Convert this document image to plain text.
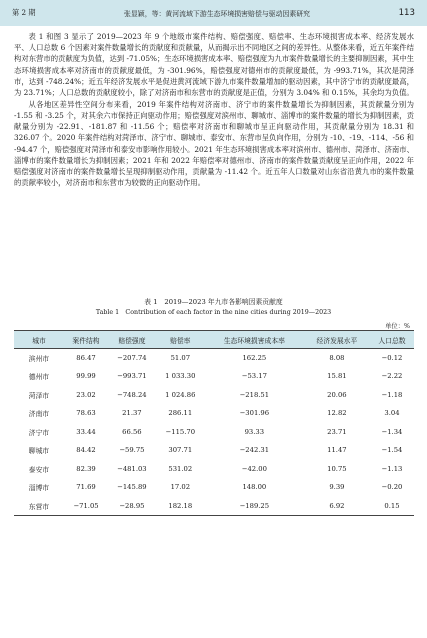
第 2 期	张显颖，等：黄河流域下游生态环境损害赔偿与驱动因素研究	113

表 1 和图 3 显示了 2019—2023 年 9 个地级市案件结构、赔偿强度、赔偿率、生态环境损害成本率、经济发展水平、人口总数 6 个因素对案件数量增长的贡献度和贡献量，从而揭示出不同地区之间的差异性。从整体来看，近五年案件结构对东营市的贡献度为负值，达到 -71.05%；生态环境损害成本率、赔偿强度为九市案件数量增长的主要抑制因素，其中生态环境损害成本率对济南市的贡献度最低，为 -301.96%，赔偿强度对德州市的贡献度最低，为 -993.71%，其次是菏泽市，达到 -748.24%；近五年经济发展水平是促进黄河流域下游九市案件数量增加的驱动因素，其中济宁市的贡献度最高，为 23.71%；人口总数的贡献度较小，除了对济南市和东营市的贡献度是正值，分别为 3.04% 和 0.15%，其余均为负值。

从各地区差异性空间分布来看，2019 年案件结构对济南市、济宁市的案件数量增长为抑制因素，其贡献量分别为 -1.55 和 -3.25 个，对其余六市保持正向驱动作用；赔偿强度对滨州市、聊城市、淄博市的案件数量的增长为抑制因素，贡献量分别为 -22.91、-181.87 和 -11.56 个；赔偿率对济南市和聊城市呈正向驱动作用，其贡献量分别为 18.31 和 326.07 个。2020 年案件结构对菏泽市、济宁市、聊城市、泰安市、东营市呈负向作用，分别为 -10、-19、-114、-56 和 -94.47 个，赔偿强度对菏泽市和泰安市影响作用较小。2021 年生态环境损害成本率对滨州市、德州市、菏泽市、济南市、淄博市的案件数量增长为抑制因素；2021 年和 2022 年赔偿率对德州市、济南市的案件数量贡献度呈正向作用，2022 年赔偿强度对济南市的案件数量增长呈现抑制驱动作用，贡献量为 -11.42 个。近五年人口数量对山东省沿黄九市的案件数量的贡献率较小，对济南市和东营市为较微的正向驱动作用。

表 1　2019—2023 年九市各影响因素贡献度
Table 1　Contribution of each factor in the nine cities during 2019—2023
单位：%
城市	案件结构	赔偿强度	赔偿率	生态环境损害成本率	经济发展水平	人口总数
滨州市	86.47	−207.74	51.07	162.25	8.08	−0.12
德州市	99.99	−993.71	1 033.30	−53.17	15.81	−2.22
菏泽市	23.02	−748.24	1 024.86	−218.51	20.06	−1.18
济南市	78.63	21.37	286.11	−301.96	12.82	3.04
济宁市	33.44	66.56	−115.70	93.33	23.71	−1.34
聊城市	84.42	−59.75	307.71	−242.31	11.47	−1.54
泰安市	82.39	−481.03	531.02	−42.00	10.75	−1.13
淄博市	71.69	−145.89	17.02	148.00	9.39	−0.20
东营市	−71.05	−28.95	182.18	−189.25	6.92	0.15
